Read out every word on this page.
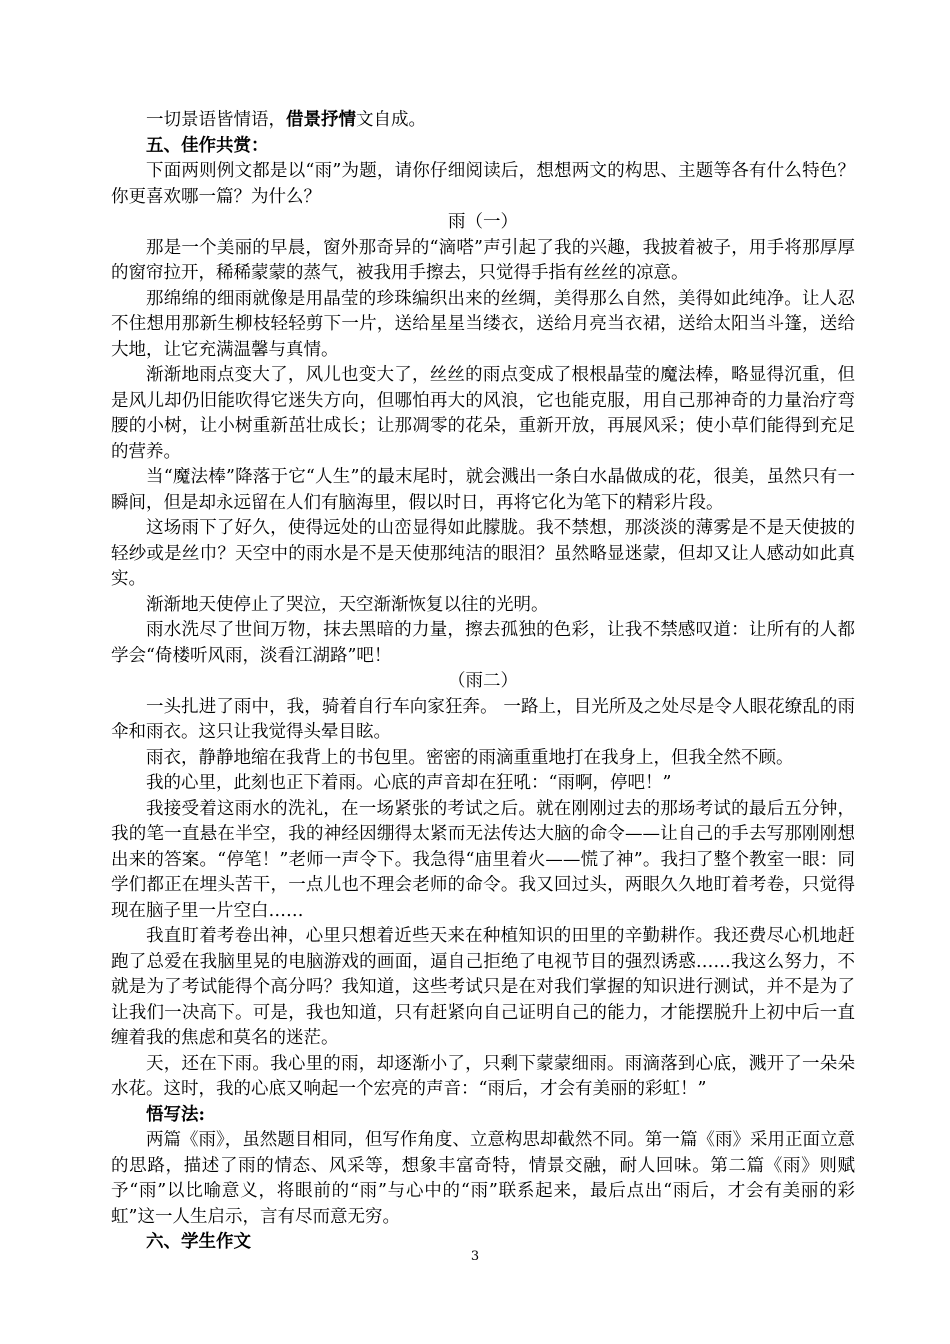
一切景语皆情语，借景抒情文自成。

五、佳作共赏：

下面两则例文都是以“雨”为题，请你仔细阅读后，想想两文的构思、主题等各有什么特色？你更喜欢哪一篇？为什么？

雨（一）

那是一个美丽的早晨，窗外那奇异的“滴嗒”声引起了我的兴趣，我披着被子，用手将那厚厚的窗帘拉开，稀稀蒙蒙的蒸气，被我用手擦去，只觉得手指有丝丝的凉意。

那绵绵的细雨就像是用晶莹的珍珠编织出来的丝绸，美得那么自然，美得如此纯净。让人忍不住想用那新生柳枝轻轻剪下一片，送给星星当缕衣，送给月亮当衣裙，送给太阳当斗篷，送给大地，让它充满温馨与真情。

渐渐地雨点变大了，风儿也变大了，丝丝的雨点变成了根根晶莹的魔法棒，略显得沉重，但是风儿却仍旧能吹得它迷失方向，但哪怕再大的风浪，它也能克服，用自己那神奇的力量治疗弯腰的小树，让小树重新茁壮成长；让那凋零的花朵，重新开放，再展风采；使小草们能得到充足的营养。

当“魔法棒”降落于它“人生”的最末尾时，就会溅出一条白水晶做成的花，很美，虽然只有一瞬间，但是却永远留在人们有脑海里，假以时日，再将它化为笔下的精彩片段。

这场雨下了好久，使得远处的山峦显得如此朦胧。我不禁想，那淡淡的薄雾是不是天使披的轻纱或是丝巾？天空中的雨水是不是天使那纯洁的眼泪？虽然略显迷蒙，但却又让人感动如此真实。

渐渐地天使停止了哭泣，天空渐渐恢复以往的光明。

雨水洗尽了世间万物，抹去黑暗的力量，擦去孤独的色彩，让我不禁感叹道：让所有的人都学会“倚楼听风雨，淡看江湖路”吧！

（雨二）

一头扎进了雨中，我，骑着自行车向家狂奔。 一路上，目光所及之处尽是令人眼花缭乱的雨伞和雨衣。这只让我觉得头晕目眩。

雨衣，静静地缩在我背上的书包里。密密的雨滴重重地打在我身上，但我全然不顾。

我的心里，此刻也正下着雨。心底的声音却在狂吼：“雨啊，停吧！”

我接受着这雨水的洗礼，在一场紧张的考试之后。就在刚刚过去的那场考试的最后五分钟，我的笔一直悬在半空，我的神经因绷得太紧而无法传达大脑的命令——让自己的手去写那刚刚想出来的答案。“停笔！”老师一声令下。我急得“庙里着火——慌了神”。我扫了整个教室一眼：同学们都正在埋头苦干，一点儿也不理会老师的命令。我又回过头，两眼久久地盯着考卷，只觉得现在脑子里一片空白……

我直盯着考卷出神，心里只想着近些天来在种植知识的田里的辛勤耕作。我还费尽心机地赶跑了总爱在我脑里晃的电脑游戏的画面，逼自己拒绝了电视节目的强烈诱惑……我这么努力，不就是为了考试能得个高分吗？我知道，这些考试只是在对我们掌握的知识进行测试，并不是为了让我们一决高下。可是，我也知道，只有赶紧向自己证明自己的能力，才能摆脱升上初中后一直缠着我的焦虑和莫名的迷茫。

天，还在下雨。我心里的雨，却逐渐小了，只剩下蒙蒙细雨。雨滴落到心底，溅开了一朵朵水花。这时，我的心底又响起一个宏亮的声音：“雨后，才会有美丽的彩虹！”

悟写法:

两篇《雨》，虽然题目相同，但写作角度、立意构思却截然不同。第一篇《雨》采用正面立意的思路，描述了雨的情态、风采等，想象丰富奇特，情景交融，耐人回味。第二篇《雨》则赋予“雨”以比喻意义，将眼前的“雨”与心中的“雨”联系起来，最后点出“雨后，才会有美丽的彩虹”这一人生启示，言有尽而意无穷。

六、学生作文

3
